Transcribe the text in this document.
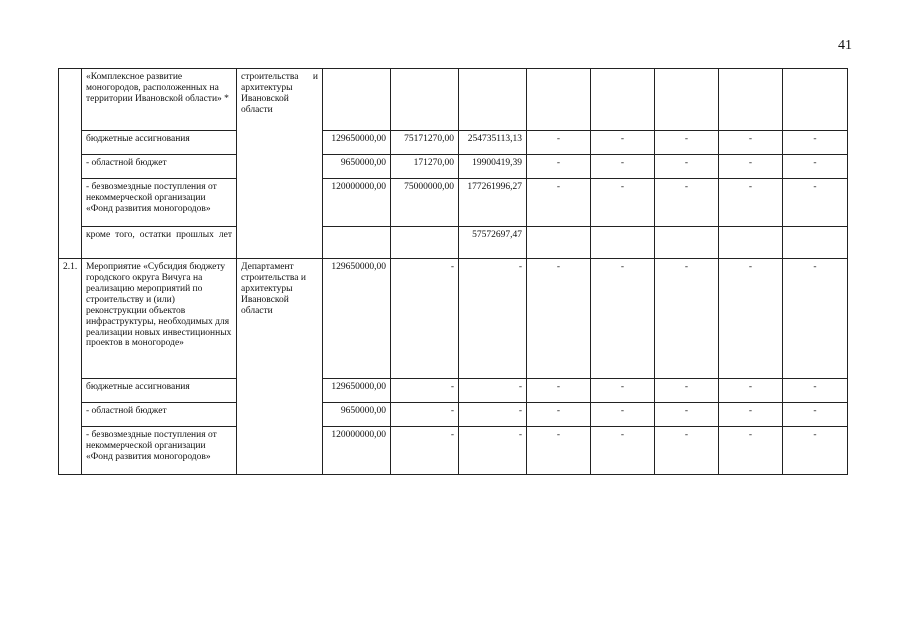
41
	«Комплексное развитие моногородов, расположенных на территории Ивановской области» *	строительства и архитектуры Ивановской области								

	бюджетные ассигнования		129650000,00	75171270,00	254735113,13	-	-	-	-	-
	- областной бюджет		9650000,00	171270,00	19900419,39	-	-	-	-	-
	- безвозмездные поступления от некоммерческой организации «Фонд развития моногородов»		120000000,00	75000000,00	177261996,27	-	-	-	-	-
	кроме того, остатки прошлых лет				57572697,47					
2.1.	Мероприятие «Субсидия бюджету городского округа Вичуга на реализацию мероприятий по строительству и (или) реконструкции объектов инфраструктуры, необходимых для реализации новых инвестиционных проектов в моногороде»	Департамент строительства и архитектуры Ивановской области	129650000,00	-	-	-	-	-	-	-
	бюджетные ассигнования		129650000,00	-	-	-	-	-	-	-
	- областной бюджет		9650000,00	-	-	-	-	-	-	-
	- безвозмездные поступления от некоммерческой организации «Фонд развития моногородов»		120000000,00	-	-	-	-	-	-	-
